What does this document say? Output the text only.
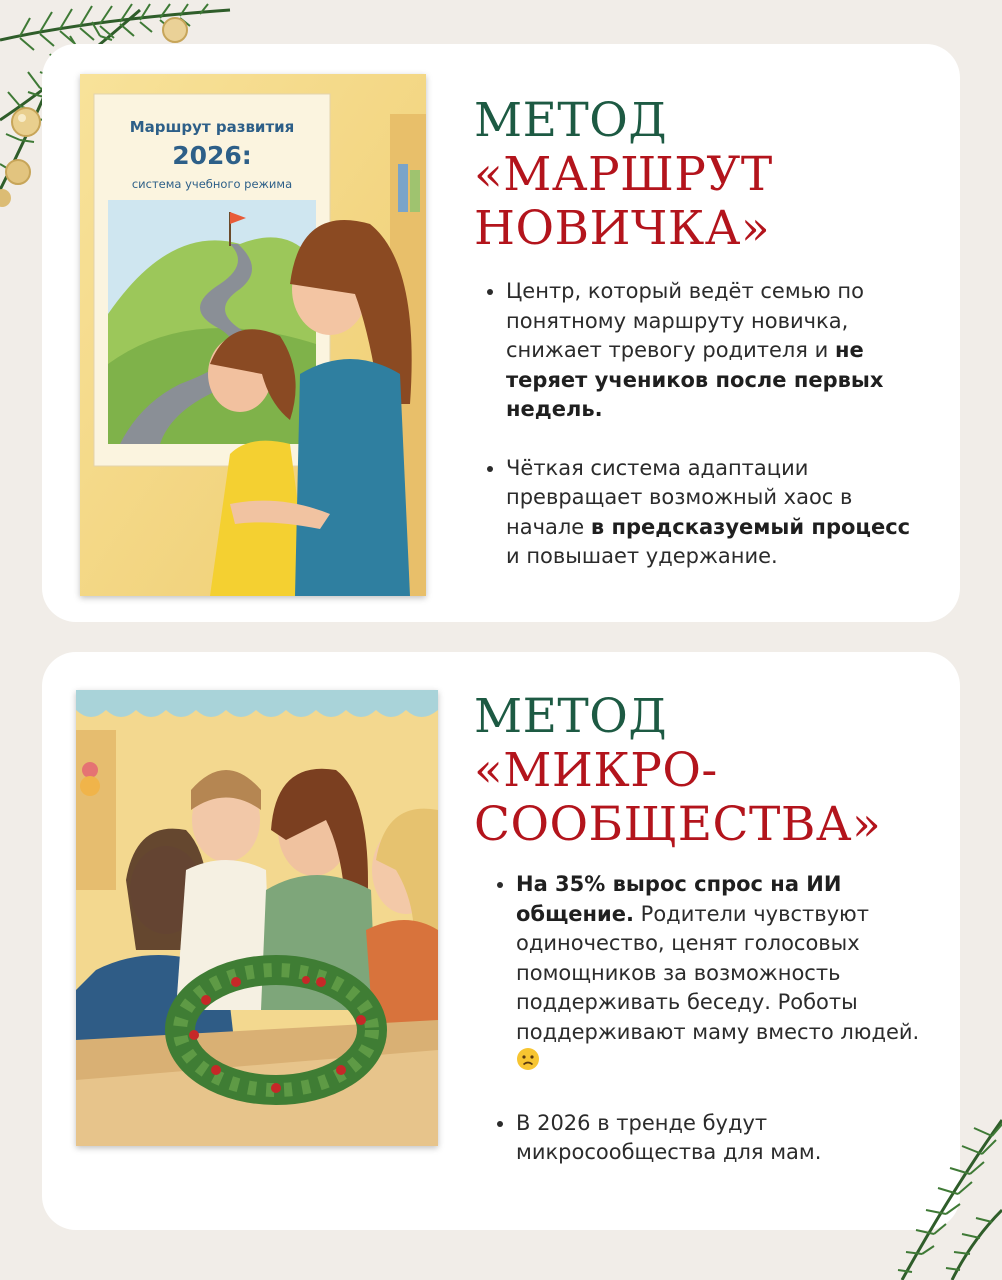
Маршрут развития
2026:
система учебного режима
МЕТОД
«МАРШРУТ
НОВИЧКА»
• Центр, который ведёт семью по понятному маршруту новичка, снижает тревогу родителя и не теряет учеников после первых недель.
• Чёткая система адаптации превращает возможный хаос в начале в предсказуемый процесс и повышает удержание.
МЕТОД
«МИКРО-
СООБЩЕСТВА»
• На 35% вырос спрос на ИИ общение. Родители чувствуют одиночество, ценят голосовых помощников за возможность поддерживать беседу. Роботы поддерживают маму вместо людей.
• В 2026 в тренде будут микросообщества для мам.
